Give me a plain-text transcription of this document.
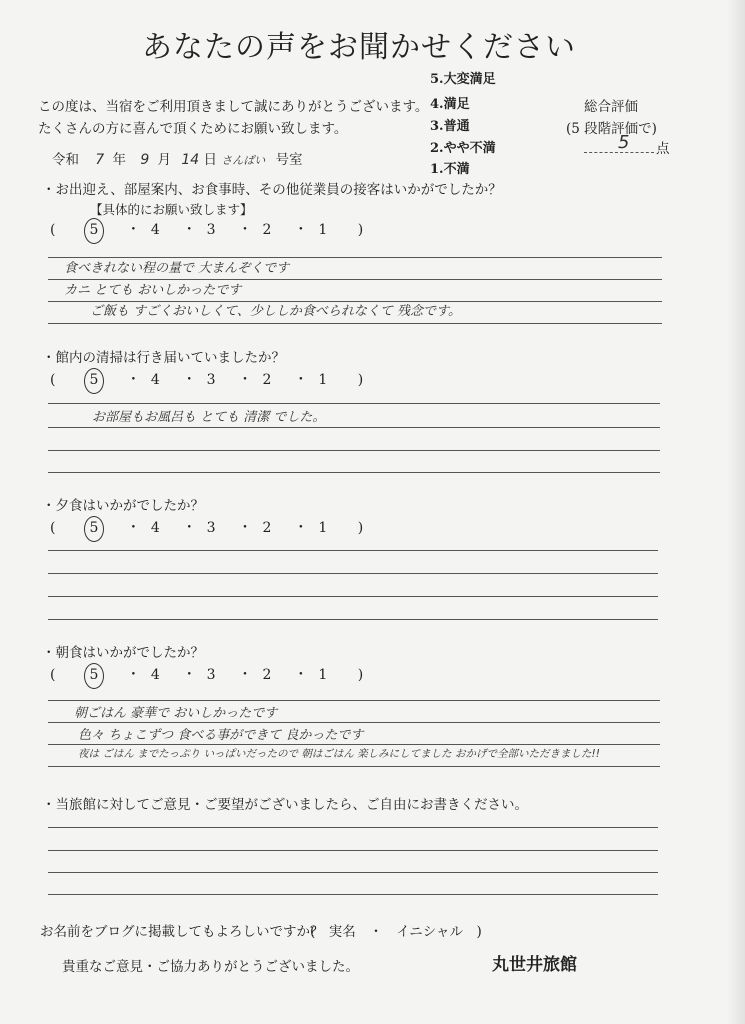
あなたの声をお聞かせください
この度は、当宿をご利用頂きまして誠にありがとうございます。
たくさんの方に喜んで頂くためにお願い致します。
5.大変満足
4.満足
3.普通
2.やや不満
1.不満
総合評価
(5 段階評価で)
5 点
令和 7 年 9 月 14 日 さんぱい 号室
・お出迎え、部屋案内、お食事時、その他従業員の接客はいかがでしたか？
【具体的にお願い致します】
( 5 ・ 4 ・ 3 ・ 2 ・ 1 )
食べきれない程の量で 大まんぞくです
カニ とても おいしかったです
ご飯も すごくおいしくて、少ししか食べられなくて 残念です。
・館内の清掃は行き届いていましたか？
( 5 ・ 4 ・ 3 ・ 2 ・ 1 )
お部屋もお風呂も とても 清潔 でした。
・夕食はいかがでしたか？
( 5 ・ 4 ・ 3 ・ 2 ・ 1 )
・朝食はいかがでしたか？
( 5 ・ 4 ・ 3 ・ 2 ・ 1 )
朝ごはん 豪華で おいしかったです
色々 ちょこずつ 食べる事ができて 良かったです
夜は ごはん までたっぷり いっぱいだったので 朝はごはん 楽しみにしてました おかげで全部いただきました!!
・当旅館に対してご意見・ご要望がございましたら、ご自由にお書きください。
お名前をブログに掲載してもよろしいですか？
(　実名　・　イニシャル　)
貴重なご意見・ご協力ありがとうございました。	丸世井旅館
